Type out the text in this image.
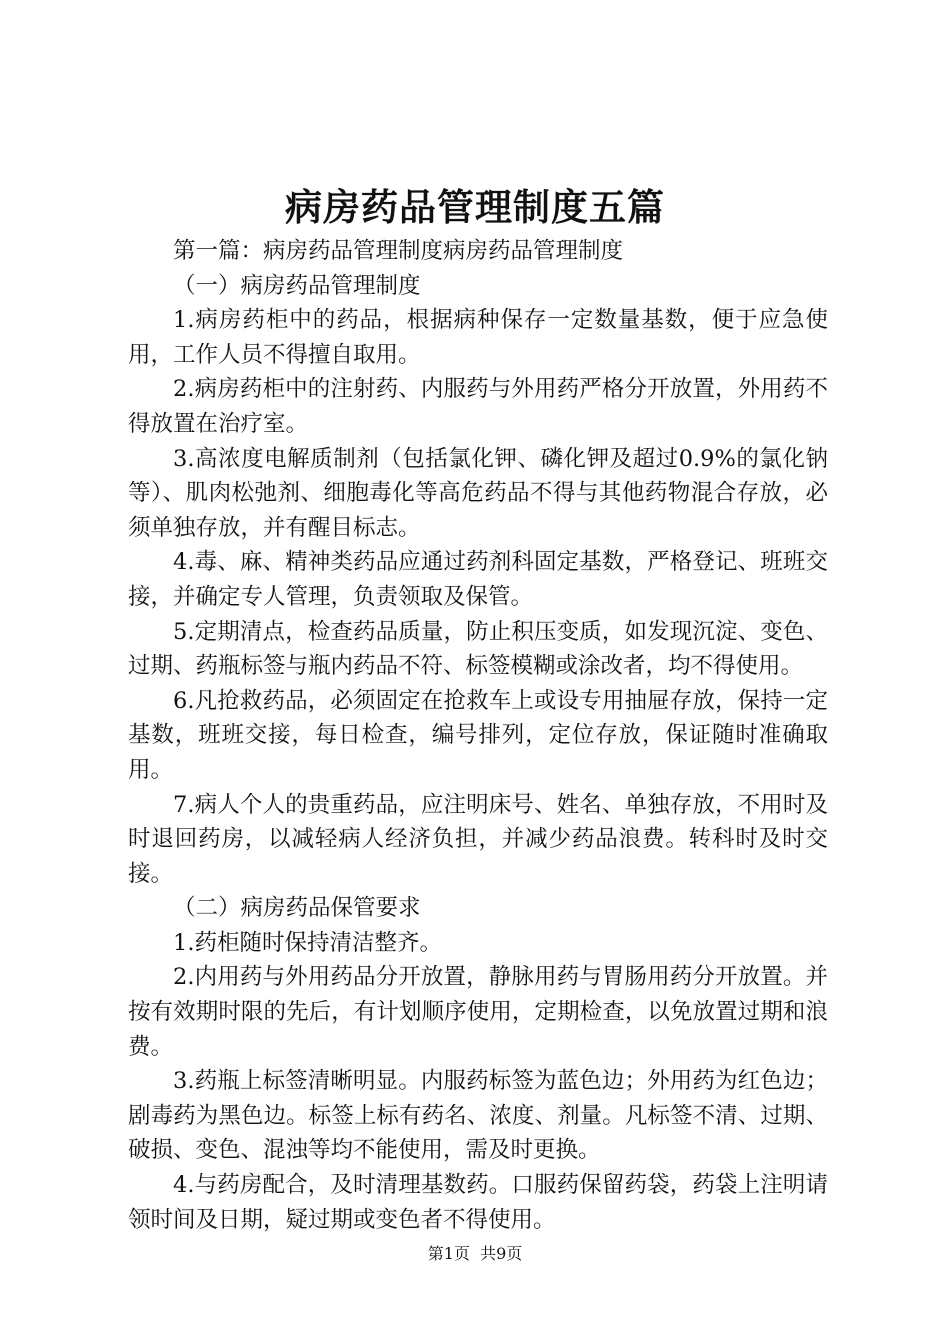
病房药品管理制度五篇

第一篇：病房药品管理制度病房药品管理制度

（一）病房药品管理制度

1.病房药柜中的药品，根据病种保存一定数量基数，便于应急使用，工作人员不得擅自取用。

2.病房药柜中的注射药、内服药与外用药严格分开放置，外用药不得放置在治疗室。

3.高浓度电解质制剂（包括氯化钾、磷化钾及超过0.9%的氯化钠等）、肌肉松弛剂、细胞毒化等高危药品不得与其他药物混合存放，必须单独存放，并有醒目标志。

4.毒、麻、精神类药品应通过药剂科固定基数，严格登记、班班交接，并确定专人管理，负责领取及保管。

5.定期清点，检查药品质量，防止积压变质，如发现沉淀、变色、过期、药瓶标签与瓶内药品不符、标签模糊或涂改者，均不得使用。

6.凡抢救药品，必须固定在抢救车上或设专用抽屉存放，保持一定基数，班班交接，每日检查，编号排列，定位存放，保证随时准确取用。

7.病人个人的贵重药品，应注明床号、姓名、单独存放，不用时及时退回药房，以减轻病人经济负担，并减少药品浪费。转科时及时交接。

（二）病房药品保管要求

1.药柜随时保持清洁整齐。

2.内用药与外用药品分开放置，静脉用药与胃肠用药分开放置。并按有效期时限的先后，有计划顺序使用，定期检查，以免放置过期和浪费。

3.药瓶上标签清晰明显。内服药标签为蓝色边；外用药为红色边；剧毒药为黑色边。标签上标有药名、浓度、剂量。凡标签不清、过期、破损、变色、混浊等均不能使用，需及时更换。

4.与药房配合，及时清理基数药。口服药保留药袋，药袋上注明请领时间及日期，疑过期或变色者不得使用。

第1页  共9页
